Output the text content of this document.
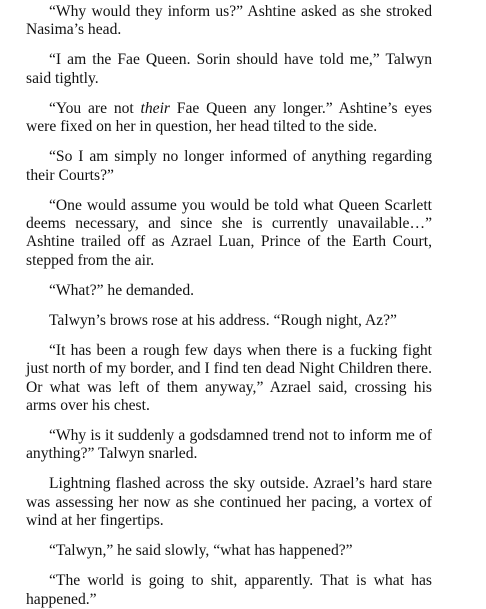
“Why would they inform us?” Ashtine asked as she stroked Nasima’s head.

“I am the Fae Queen. Sorin should have told me,” Talwyn said tightly.

“You are not their Fae Queen any longer.” Ashtine’s eyes were fixed on her in question, her head tilted to the side.

“So I am simply no longer informed of anything regarding their Courts?”

“One would assume you would be told what Queen Scarlett deems necessary, and since she is currently unavailable…” Ashtine trailed off as Azrael Luan, Prince of the Earth Court, stepped from the air.

“What?” he demanded.

Talwyn’s brows rose at his address. “Rough night, Az?”

“It has been a rough few days when there is a fucking fight just north of my border, and I find ten dead Night Children there. Or what was left of them anyway,” Azrael said, crossing his arms over his chest.

“Why is it suddenly a godsdamned trend not to inform me of anything?” Talwyn snarled.

Lightning flashed across the sky outside. Azrael’s hard stare was assessing her now as she continued her pacing, a vortex of wind at her fingertips.

“Talwyn,” he said slowly, “what has happened?”

“The world is going to shit, apparently. That is what has happened.”
